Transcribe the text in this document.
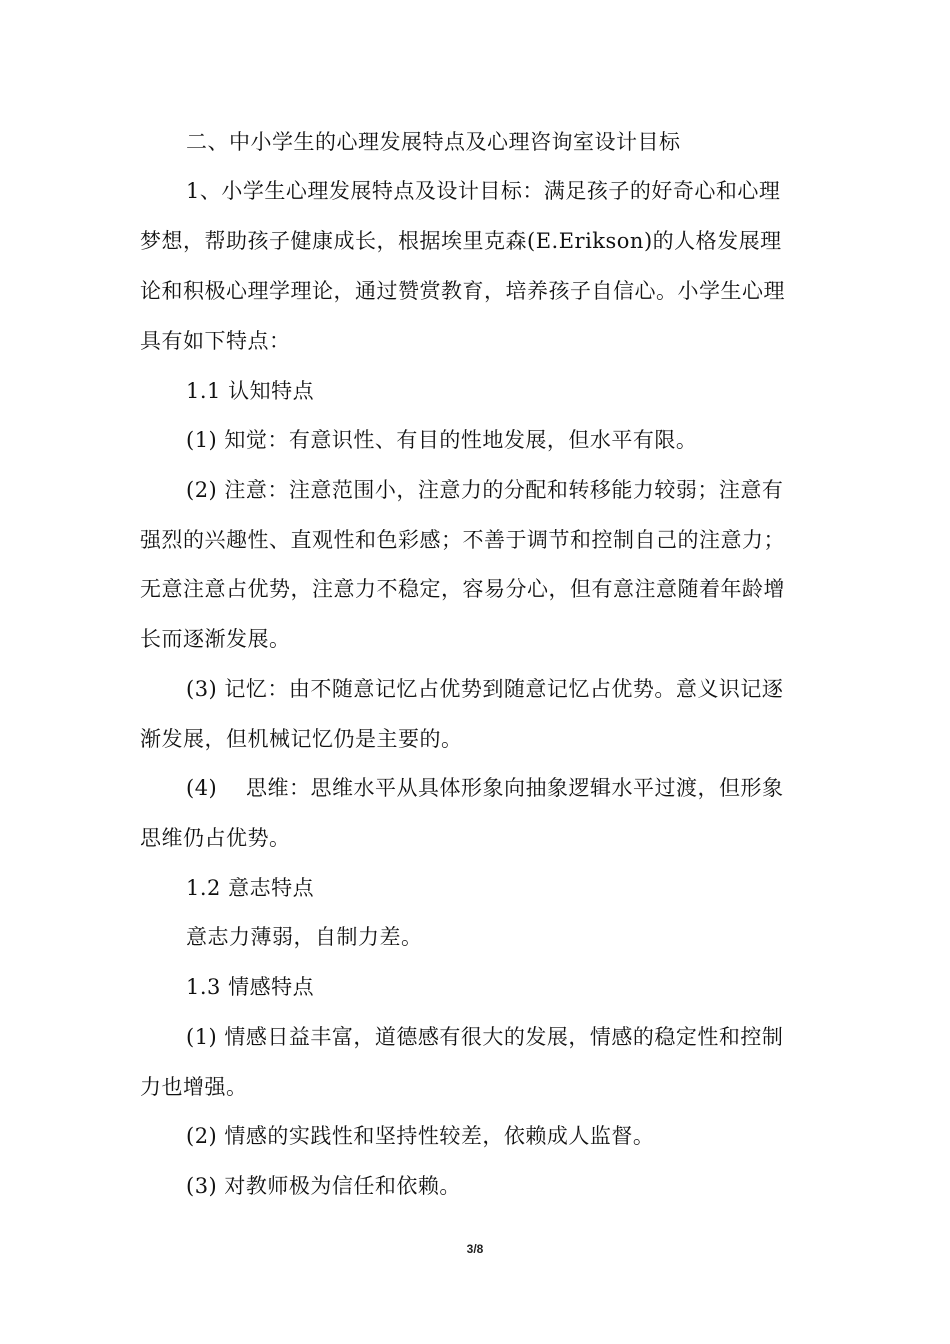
二、中小学生的心理发展特点及心理咨询室设计目标
1、小学生心理发展特点及设计目标：满足孩子的好奇心和心理
梦想，帮助孩子健康成长，根据埃里克森(E.Erikson)的人格发展理
论和积极心理学理论，通过赞赏教育，培养孩子自信心。小学生心理
具有如下特点：
1.1 认知特点
(1) 知觉：有意识性、有目的性地发展，但水平有限。
(2) 注意：注意范围小，注意力的分配和转移能力较弱；注意有
强烈的兴趣性、直观性和色彩感；不善于调节和控制自己的注意力；
无意注意占优势，注意力不稳定，容易分心，但有意注意随着年龄增
长而逐渐发展。
(3) 记忆：由不随意记忆占优势到随意记忆占优势。意义识记逐
渐发展，但机械记忆仍是主要的。
(4)    思维：思维水平从具体形象向抽象逻辑水平过渡，但形象
思维仍占优势。
1.2 意志特点
意志力薄弱，自制力差。
1.3 情感特点
(1) 情感日益丰富，道德感有很大的发展，情感的稳定性和控制
力也增强。
(2) 情感的实践性和坚持性较差，依赖成人监督。
(3) 对教师极为信任和依赖。
3/8
